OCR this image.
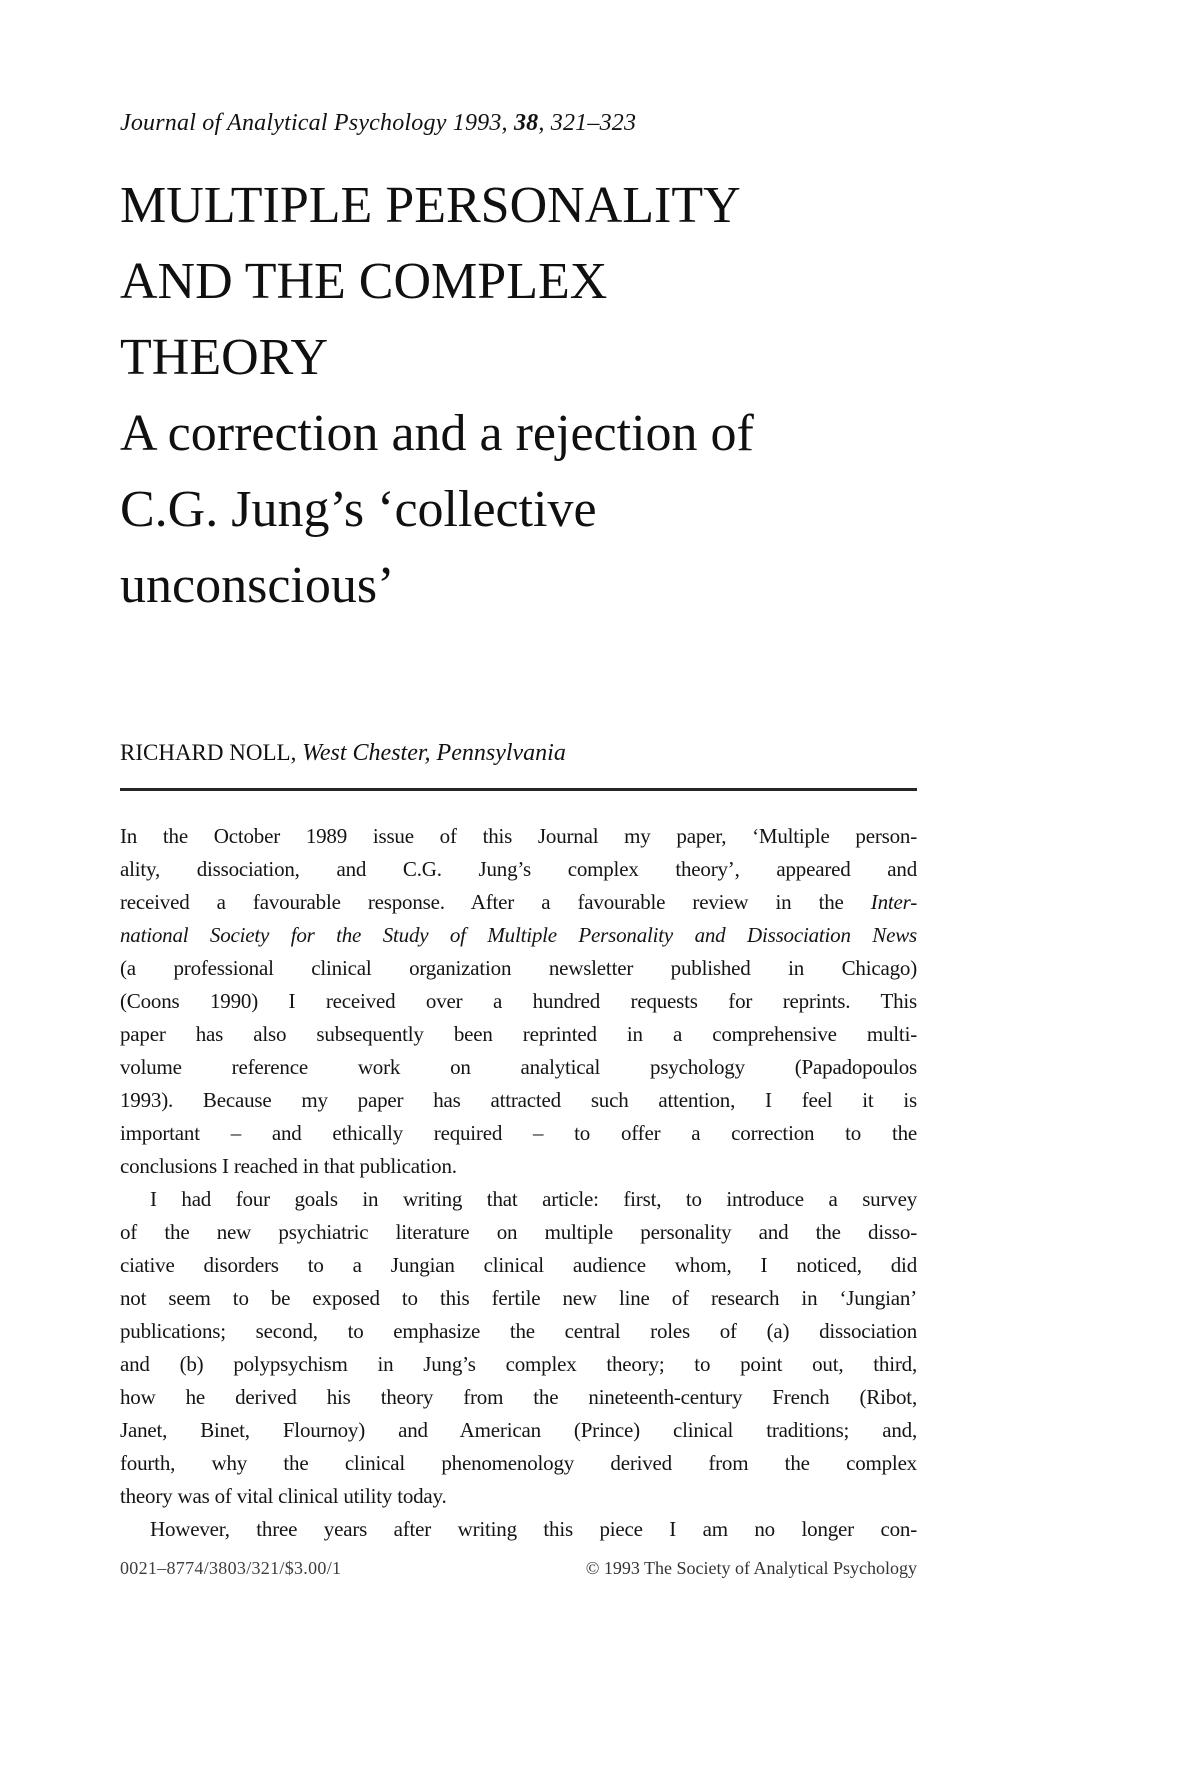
Journal of Analytical Psychology 1993, 38, 321–323
MULTIPLE PERSONALITY
AND THE COMPLEX
THEORY
A correction and a rejection of
C.G. Jung’s ‘collective
unconscious’
RICHARD NOLL, West Chester, Pennsylvania

In the October 1989 issue of this Journal my paper, ‘Multiple person-
ality, dissociation, and C.G. Jung’s complex theory’, appeared and
received a favourable response. After a favourable review in the Inter-
national Society for the Study of Multiple Personality and Dissociation News
(a professional clinical organization newsletter published in Chicago)
(Coons 1990) I received over a hundred requests for reprints. This
paper has also subsequently been reprinted in a comprehensive multi-
volume reference work on analytical psychology (Papadopoulos
1993). Because my paper has attracted such attention, I feel it is
important – and ethically required – to offer a correction to the
conclusions I reached in that publication.

I had four goals in writing that article: first, to introduce a survey
of the new psychiatric literature on multiple personality and the disso-
ciative disorders to a Jungian clinical audience whom, I noticed, did
not seem to be exposed to this fertile new line of research in ‘Jungian’
publications; second, to emphasize the central roles of (a) dissociation
and (b) polypsychism in Jung’s complex theory; to point out, third,
how he derived his theory from the nineteenth-century French (Ribot,
Janet, Binet, Flournoy) and American (Prince) clinical traditions; and,
fourth, why the clinical phenomenology derived from the complex
theory was of vital clinical utility today.

However, three years after writing this piece I am no longer con-

0021–8774/3803/321/$3.00/1	© 1993 The Society of Analytical Psychology
